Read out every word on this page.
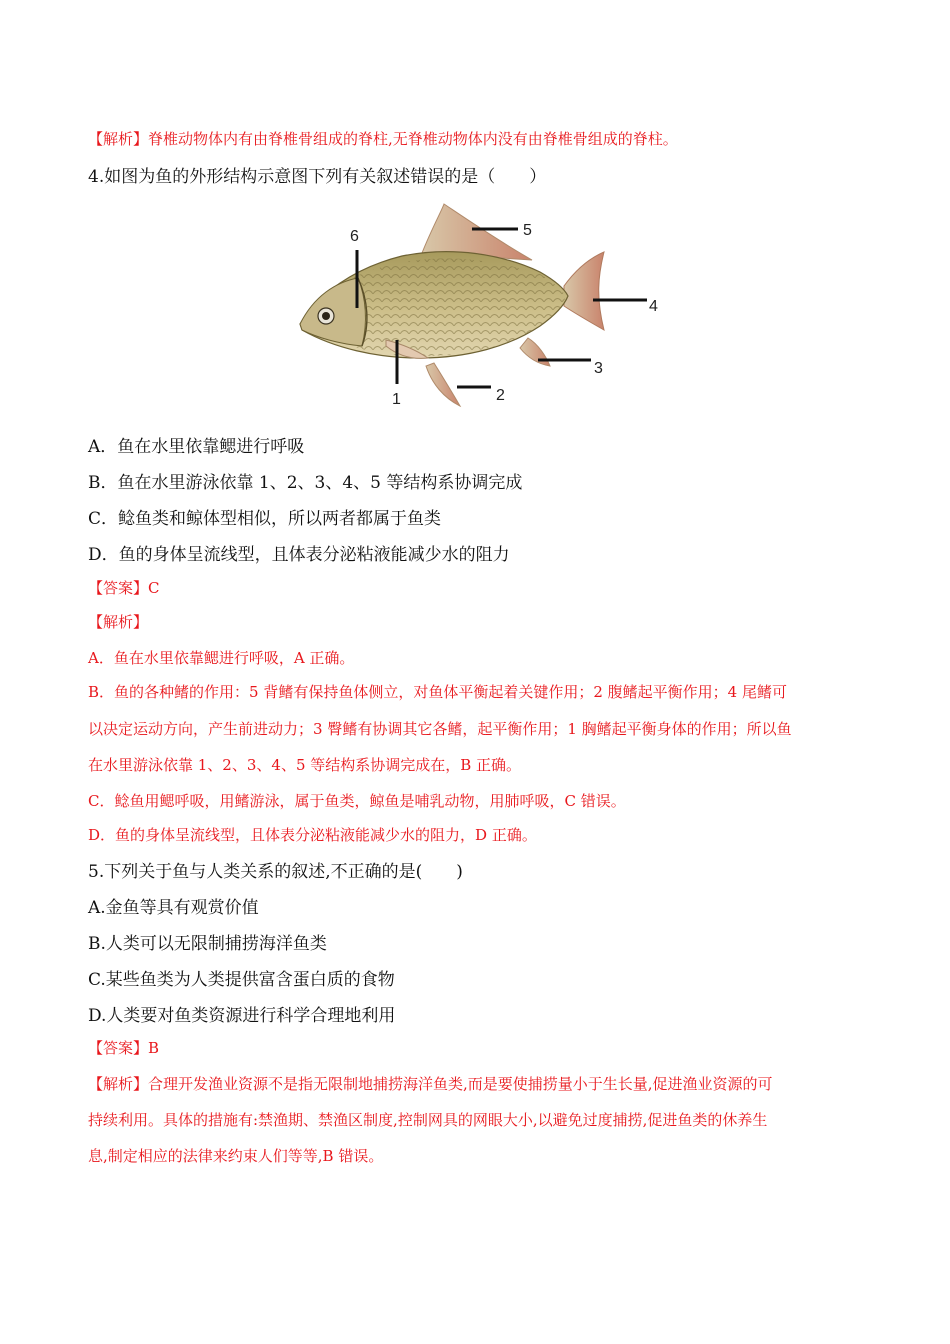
【解析】脊椎动物体内有由脊椎骨组成的脊柱,无脊椎动物体内没有由脊椎骨组成的脊柱。
4.如图为鱼的外形结构示意图下列有关叙述错误的是（　　）
6
1	2
3
4
5
A．鱼在水里依靠鳃进行呼吸
B．鱼在水里游泳依靠 1、2、3、4、5 等结构系协调完成
C．鲶鱼类和鲸体型相似，所以两者都属于鱼类
D．鱼的身体呈流线型，且体表分泌粘液能减少水的阻力
【答案】C
【解析】
A．鱼在水里依靠鳃进行呼吸，A 正确。
B．鱼的各种鳍的作用：5 背鳍有保持鱼体侧立，对鱼体平衡起着关键作用；2 腹鳍起平衡作用；4 尾鳍可
以决定运动方向，产生前进动力；3 臀鳍有协调其它各鳍，起平衡作用；1 胸鳍起平衡身体的作用；所以鱼
在水里游泳依靠 1、2、3、4、5 等结构系协调完成在，B 正确。
C．鲶鱼用鳃呼吸，用鳍游泳，属于鱼类，鲸鱼是哺乳动物，用肺呼吸，C 错误。
D．鱼的身体呈流线型，且体表分泌粘液能减少水的阻力，D 正确。
5.下列关于鱼与人类关系的叙述,不正确的是(　　)
A.金鱼等具有观赏价值
B.人类可以无限制捕捞海洋鱼类
C.某些鱼类为人类提供富含蛋白质的食物
D.人类要对鱼类资源进行科学合理地利用
【答案】B
【解析】合理开发渔业资源不是指无限制地捕捞海洋鱼类,而是要使捕捞量小于生长量,促进渔业资源的可
持续利用。具体的措施有:禁渔期、禁渔区制度,控制网具的网眼大小,以避免过度捕捞,促进鱼类的休养生
息,制定相应的法律来约束人们等等,B 错误。
